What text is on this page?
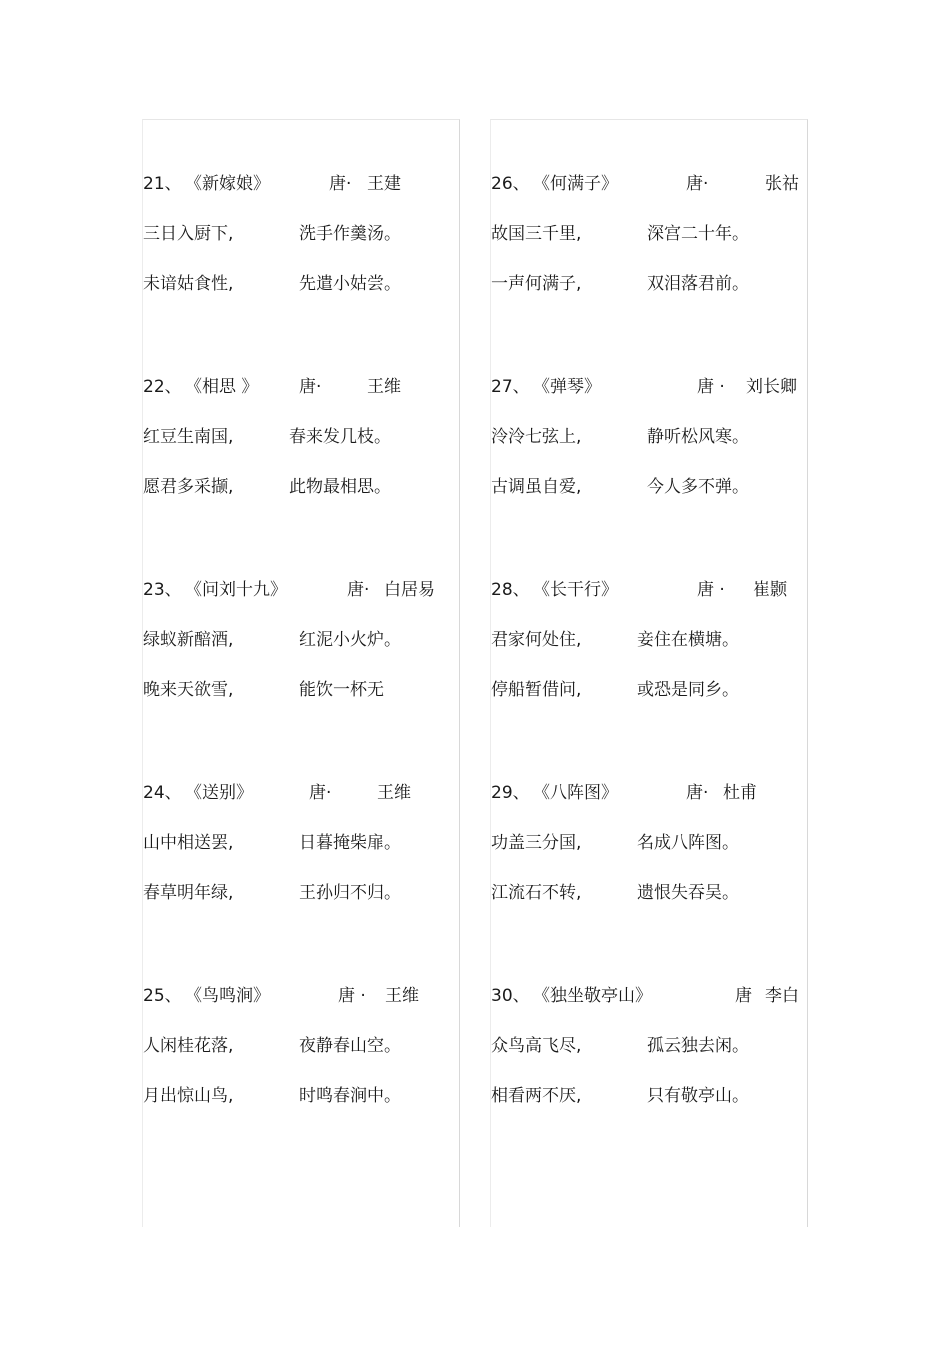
21、 《新嫁娘》	唐· 王建
三日入厨下,	洗手作羹汤。
未谙姑食性,	先遣小姑尝。
22、 《相思 》 唐·	王维
红豆生南国,	春来发几枝。
愿君多采撷,	此物最相思。
23、 《问刘十九》	唐· 白居易
绿蚁新醅酒,	红泥小火炉。
晚来天欲雪,	能饮一杯无
24、 《送别》	唐·	王维
山中相送罢,	日暮掩柴扉。
春草明年绿,	王孙归不归。
25、 《鸟鸣涧》	唐 · 王维
人闲桂花落,	夜静春山空。
月出惊山鸟,	时鸣春涧中。
26、 《何满子》	唐·	张祜
故国三千里,	深宫二十年。
一声何满子,	双泪落君前。
27、 《弹琴》	唐 · 刘长卿
泠泠七弦上,	静听松风寒。
古调虽自爱,	今人多不弹。
28、 《长干行》	唐 · 崔颢
君家何处住,	妾住在横塘。
停船暂借问,	或恐是同乡。
29、 《八阵图》	唐· 杜甫
功盖三分国,	名成八阵图。
江流石不转,	遗恨失吞吴。
30、 《独坐敬亭山》	唐 李白
众鸟高飞尽,	孤云独去闲。
相看两不厌,	只有敬亭山。
